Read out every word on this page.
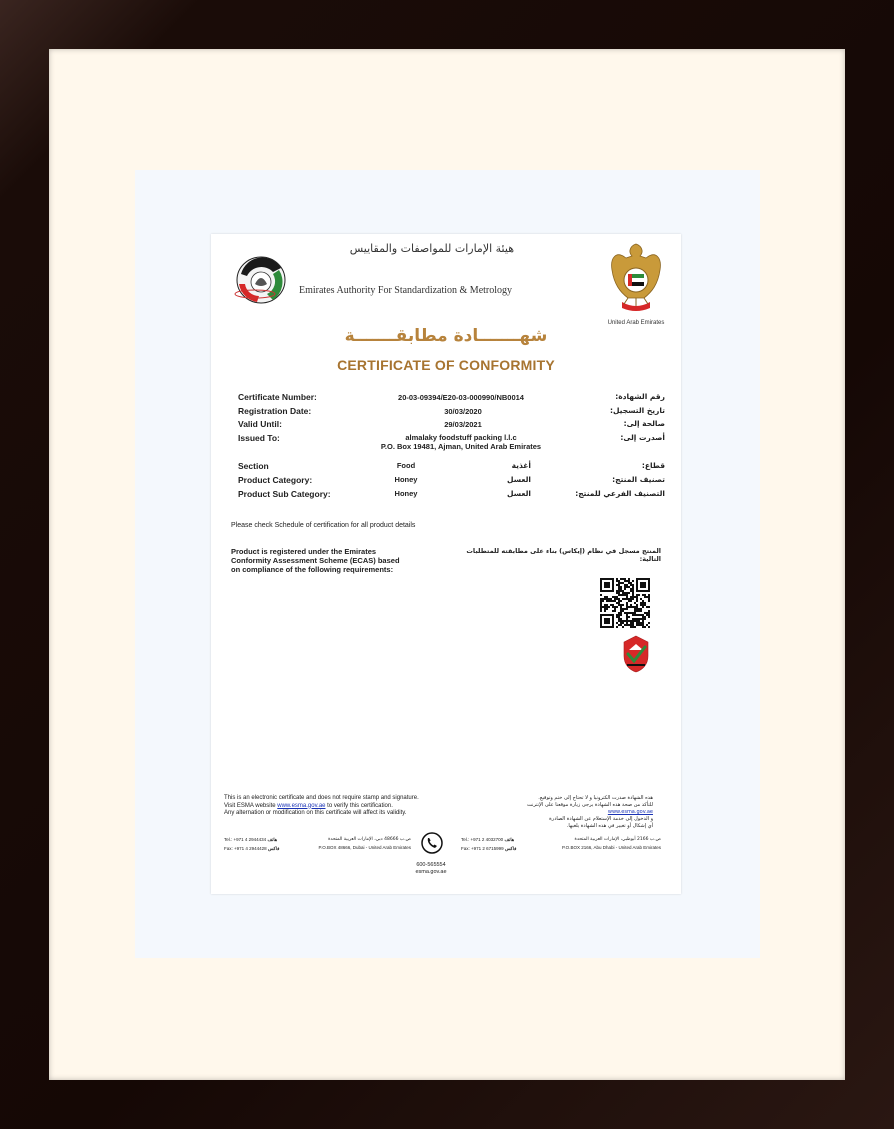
هيئة الإمارات للمواصفات والمقاييس
Emirates Authority For Standardization & Metrology
United Arab Emirates
شهـــــــادة مطابقـــــــة
CERTIFICATE OF CONFORMITY
Certificate Number:	20-03-09394/E20-03-000990/NB0014	رقم الشهادة:
Registration Date:	30/03/2020	تاريخ التسجيل:
Valid Until:	29/03/2021	صالحة إلى:
Issued To:	almalaky foodstuff packing l.l.c
P.O. Box 19481, Ajman, United Arab Emirates
أصدرت إلى:
Section	Food	أغذية	قطاع:
Product Category:	Honey	العسل	تصنيف المنتج:
Product Sub Category:	Honey	العسل	التصنيف الفرعي للمنتج:
Please check Schedule of certification for all product details
Product is registered under the Emirates
Conformity Assessment Scheme (ECAS) based
on compliance of the following requirements:
المنتج مسجل في نظام (إيكاس) بناء على مطابقته للمتطلبات التالية:
This is an electronic certificate and does not require stamp and signature.
Visit ESMA website www.esma.gov.ae to verify this certification.
Any alternation or modification on this certificate will affect its validity.
هذه الشهادة صدرت الكترونيا و لا تحتاج إلى ختم وتوقيع.
للتأكد من صحة هذه الشهادة يرجى زيارة موقعنا على الإنترنت www.esma.gov.ae
و الدخول إلى خدمة الإستعلام عن الشهادة الصادرة
أي إشكال أو تغيير في هذه الشهادة يلغيها.
Tel.: +971 4 2944434 هاتف
Fax: +971 4 2944428 فاكس
ص.ب 48666 دبي، الإمارات العربية المتحدة
P.O.BOX 48666, Dubai - United Arab Emirates
600-565554
esma.gov.ae
Tel.: +971 2 4032700 هاتف
Fax: +971 2 6715999 فاكس
ص.ب 2166 أبوظبي، الإمارات العربية المتحدة
P.O.BOX 2166, Abu Dhabi - United Arab Emirates
